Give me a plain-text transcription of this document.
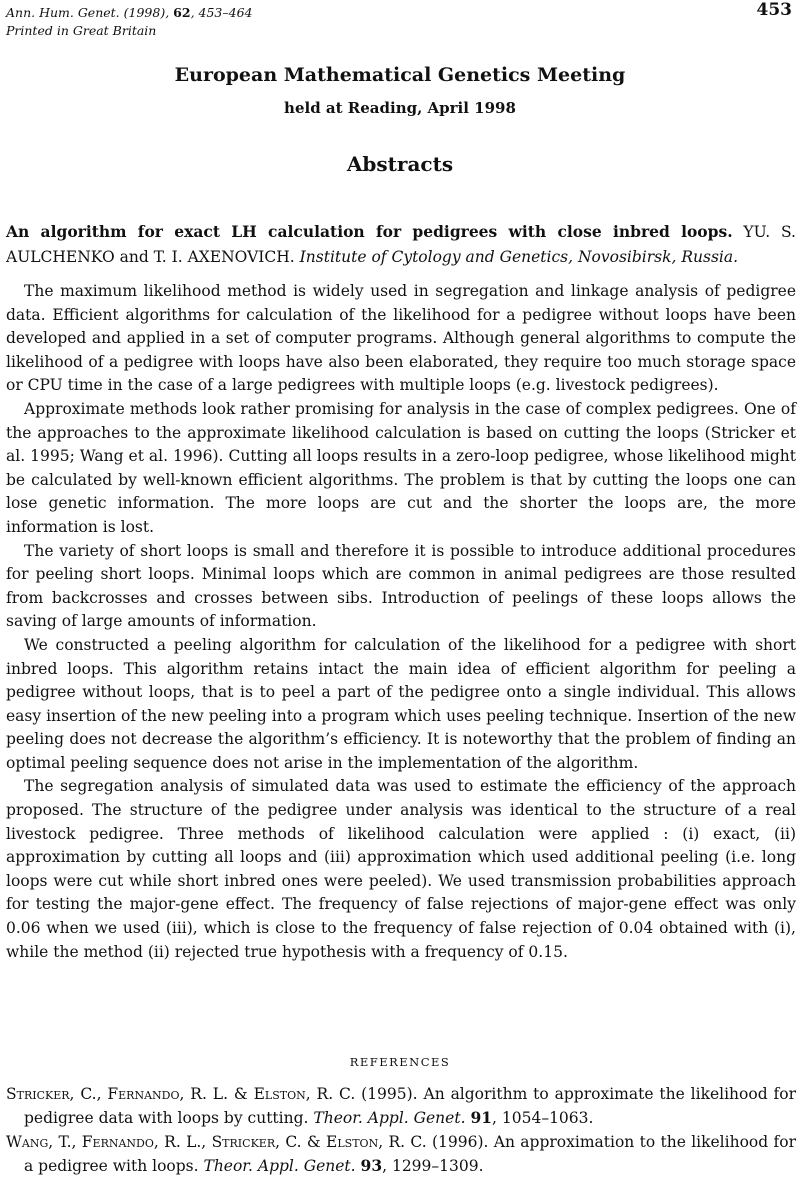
Ann. Hum. Genet. (1998), 62, 453–464
Printed in Great Britain
453
European Mathematical Genetics Meeting
held at Reading, April 1998
Abstracts
An algorithm for exact LH calculation for pedigrees with close inbred loops. YU. S. AULCHENKO and T. I. AXENOVICH. Institute of Cytology and Genetics, Novosibirsk, Russia.

The maximum likelihood method is widely used in segregation and linkage analysis of pedigree data. Efficient algorithms for calculation of the likelihood for a pedigree without loops have been developed and applied in a set of computer programs. Although general algorithms to compute the likelihood of a pedigree with loops have also been elaborated, they require too much storage space or CPU time in the case of a large pedigrees with multiple loops (e.g. livestock pedigrees).

Approximate methods look rather promising for analysis in the case of complex pedigrees. One of the approaches to the approximate likelihood calculation is based on cutting the loops (Stricker et al. 1995; Wang et al. 1996). Cutting all loops results in a zero-loop pedigree, whose likelihood might be calculated by well-known efficient algorithms. The problem is that by cutting the loops one can lose genetic information. The more loops are cut and the shorter the loops are, the more information is lost.

The variety of short loops is small and therefore it is possible to introduce additional procedures for peeling short loops. Minimal loops which are common in animal pedigrees are those resulted from backcrosses and crosses between sibs. Introduction of peelings of these loops allows the saving of large amounts of information.

We constructed a peeling algorithm for calculation of the likelihood for a pedigree with short inbred loops. This algorithm retains intact the main idea of efficient algorithm for peeling a pedigree without loops, that is to peel a part of the pedigree onto a single individual. This allows easy insertion of the new peeling into a program which uses peeling technique. Insertion of the new peeling does not decrease the algorithm’s efficiency. It is noteworthy that the problem of finding an optimal peeling sequence does not arise in the implementation of the algorithm.

The segregation analysis of simulated data was used to estimate the efficiency of the approach proposed. The structure of the pedigree under analysis was identical to the structure of a real livestock pedigree. Three methods of likelihood calculation were applied : (i) exact, (ii) approximation by cutting all loops and (iii) approximation which used additional peeling (i.e. long loops were cut while short inbred ones were peeled). We used transmission probabilities approach for testing the major-gene effect. The frequency of false rejections of major-gene effect was only 0.06 when we used (iii), which is close to the frequency of false rejection of 0.04 obtained with (i), while the method (ii) rejected true hypothesis with a frequency of 0.15.

REFERENCES

Stricker, C., Fernando, R. L. & Elston, R. C. (1995). An algorithm to approximate the likelihood for pedigree data with loops by cutting. Theor. Appl. Genet. 91, 1054–1063.

Wang, T., Fernando, R. L., Stricker, C. & Elston, R. C. (1996). An approximation to the likelihood for a pedigree with loops. Theor. Appl. Genet. 93, 1299–1309.
